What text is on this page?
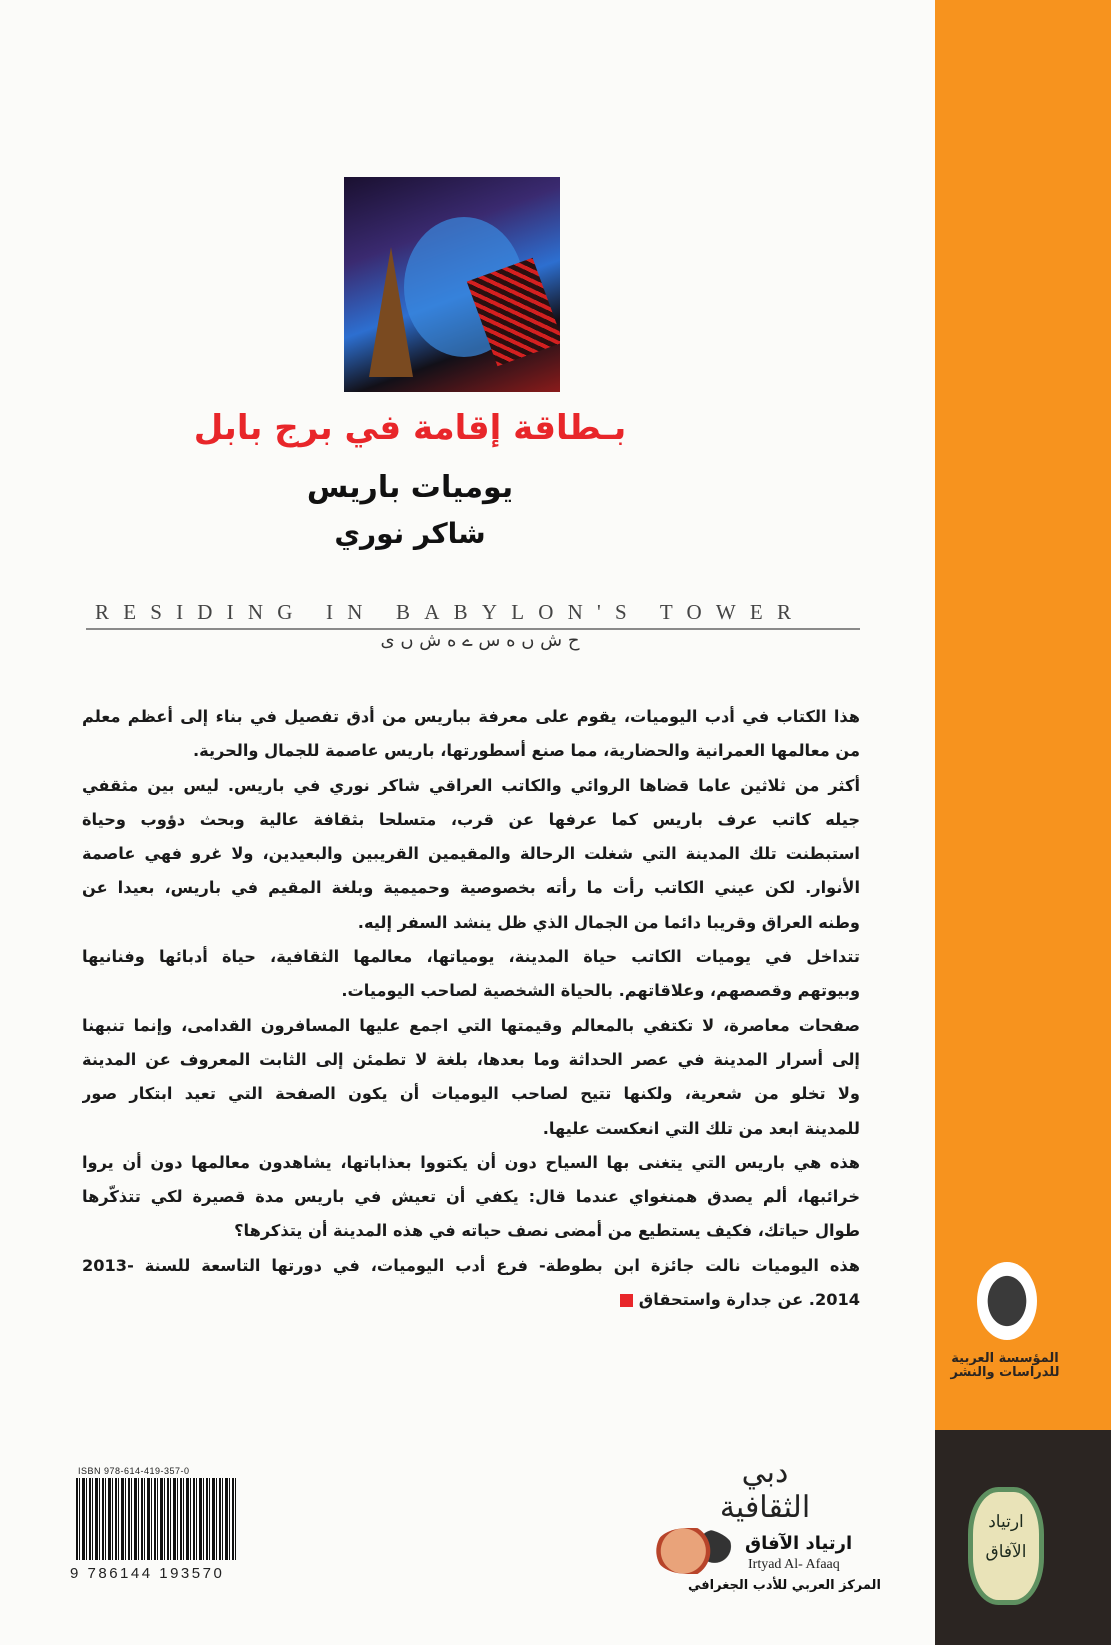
بـطاقة إقامة في برج بابل
يوميات باريس
شاكر نوري
RESIDING IN BABYLON'S TOWER
ح ش ں ه س ے ه ش ں ی
هذا الكتاب في أدب اليوميات، يقوم على معرفة بباريس من أدق تفصيل في بناء إلى أعظم معلم
من معالمها العمرانية والحضارية، مما صنع أسطورتها، باريس عاصمة للجمال والحرية.
أكثر من ثلاثين عاما قضاها الروائي والكاتب العراقي شاكر نوري في باريس. ليس بين مثقفي
جيله كاتب عرف باريس كما عرفها عن قرب، متسلحا بثقافة عالية وبحث دؤوب وحياة
استبطنت تلك المدينة التي شغلت الرحالة والمقيمين القريبين والبعيدين، ولا غرو فهي عاصمة
الأنوار. لكن عيني الكاتب رأت ما رأته بخصوصية وحميمية وبلغة المقيم في باريس، بعيدا عن
وطنه العراق وقريبا دائما من الجمال الذي ظل ينشد السفر إليه.
تتداخل في يوميات الكاتب حياة المدينة، يومياتها، معالمها الثقافية، حياة أدبائها وفنانيها
وبيوتهم وقصصهم، وعلاقاتهم. بالحياة الشخصية لصاحب اليوميات.
صفحات معاصرة، لا تكتفي بالمعالم وقيمتها التي اجمع عليها المسافرون القدامى، وإنما تنبهنا
إلى أسرار المدينة في عصر الحداثة وما بعدها، بلغة لا تطمئن إلى الثابت المعروف عن المدينة
ولا تخلو من شعرية، ولكنها تتيح لصاحب اليوميات أن يكون الصفحة التي تعيد ابتكار صور
للمدينة ابعد من تلك التي انعكست عليها.
هذه هي باريس التي يتغنى بها السياح دون أن يكتووا بعذاباتها، يشاهدون معالمها دون أن يروا
خرائبها، ألم يصدق همنغواي عندما قال: يكفي أن تعيش في باريس مدة قصيرة لكي تتذكّرها
طوال حياتك، فكيف يستطيع من أمضى نصف حياته في هذه المدينة أن يتذكرها؟
هذه اليوميات نالت جائزة ابن بطوطة- فرع أدب اليوميات، في دورتها التاسعة للسنة -2013
2014. عن جدارة واستحقاق
ISBN 978-614-419-357-0
9 786144 193570
دبي الثقافية
ارتياد الآفاق
Irtyad Al- Afaaq
المركز العربي للأدب الجغرافي
المؤسسة العربية للدراسات والنشر
ارتياد الآفاق
